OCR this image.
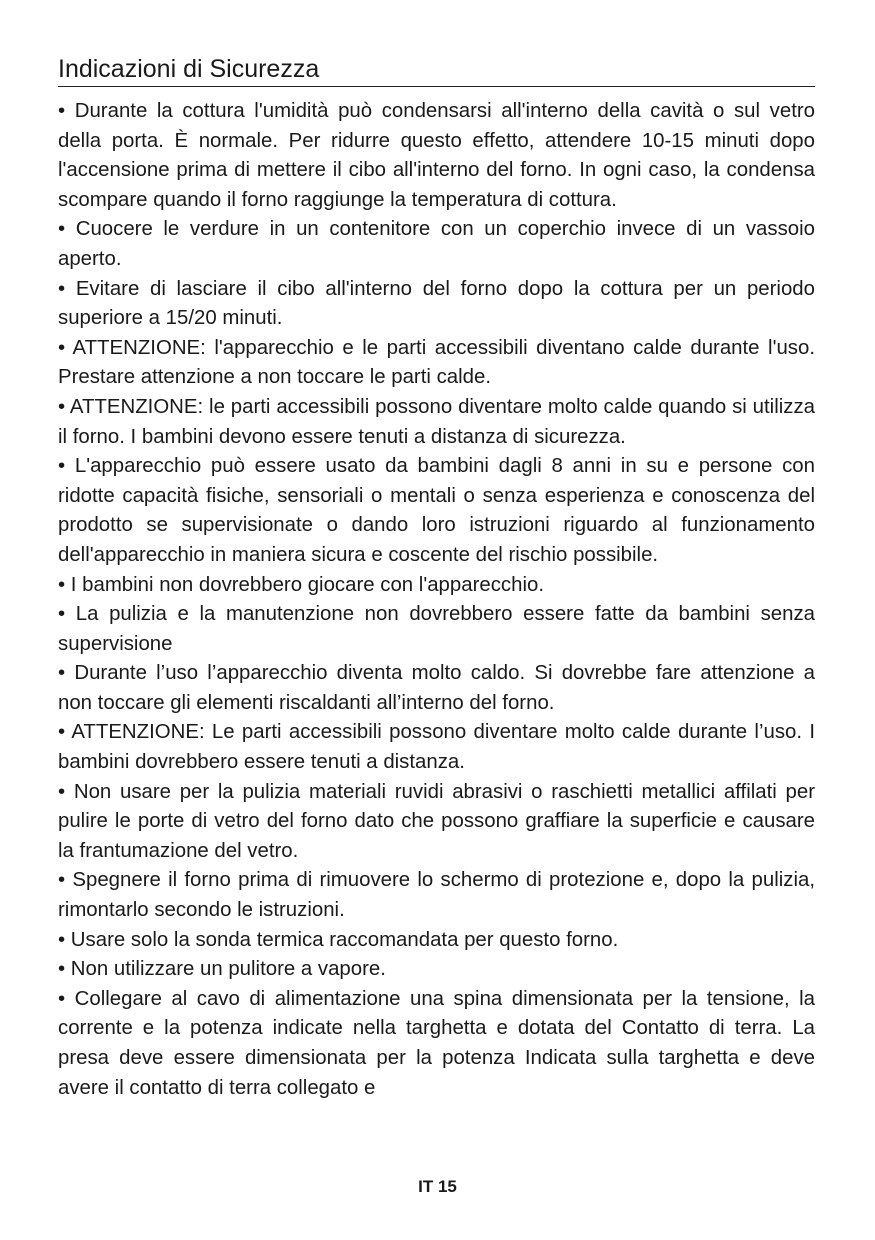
Indicazioni di Sicurezza

• Durante la cottura l'umidità può condensarsi all'interno della cavità o sul vetro della porta. È normale. Per ridurre questo effetto, attendere 10-15 minuti dopo l'accensione prima di mettere il cibo all'interno del forno. In ogni caso, la condensa scompare quando il forno raggiunge la temperatura di cottura.

• Cuocere le verdure in un contenitore con un coperchio invece di un vassoio aperto.

• Evitare di lasciare il cibo all'interno del forno dopo la cottura per un periodo superiore a 15/20 minuti.

• ATTENZIONE: l'apparecchio e le parti accessibili diventano calde durante l'uso. Prestare attenzione a non toccare le parti calde.

• ATTENZIONE: le parti accessibili possono diventare molto calde quando si utilizza il forno. I bambini devono essere tenuti a distanza di sicurezza.

• L'apparecchio può essere usato da bambini dagli 8 anni in su e persone con ridotte capacità fisiche, sensoriali o mentali o senza esperienza e conoscenza del prodotto se supervisionate o dando loro istruzioni riguardo al funzionamento dell'apparecchio in maniera sicura e coscente del rischio possibile.

• I bambini non dovrebbero giocare con l'apparecchio.

• La pulizia e la manutenzione non dovrebbero essere fatte da bambini senza supervisione

• Durante l’uso l’apparecchio diventa molto caldo. Si dovrebbe fare attenzione a non toccare gli elementi riscaldanti all’interno del forno.

• ATTENZIONE: Le parti accessibili possono diventare molto calde durante l’uso. I bambini dovrebbero essere tenuti a distanza.

• Non usare per la pulizia materiali ruvidi abrasivi o raschietti metallici affilati per pulire le porte di vetro del forno dato che possono graffiare la superficie e causare la frantumazione del vetro.

• Spegnere il forno prima di rimuovere lo schermo di protezione e, dopo la pulizia, rimontarlo secondo le istruzioni.

• Usare solo la sonda termica raccomandata per questo forno.

• Non utilizzare un pulitore a vapore.

• Collegare al cavo di alimentazione una spina dimensionata per la tensione, la corrente e la potenza indicate nella targhetta e dotata del Contatto di terra. La presa deve essere dimensionata per la potenza Indicata sulla targhetta e deve avere il contatto di terra collegato e

IT 15
